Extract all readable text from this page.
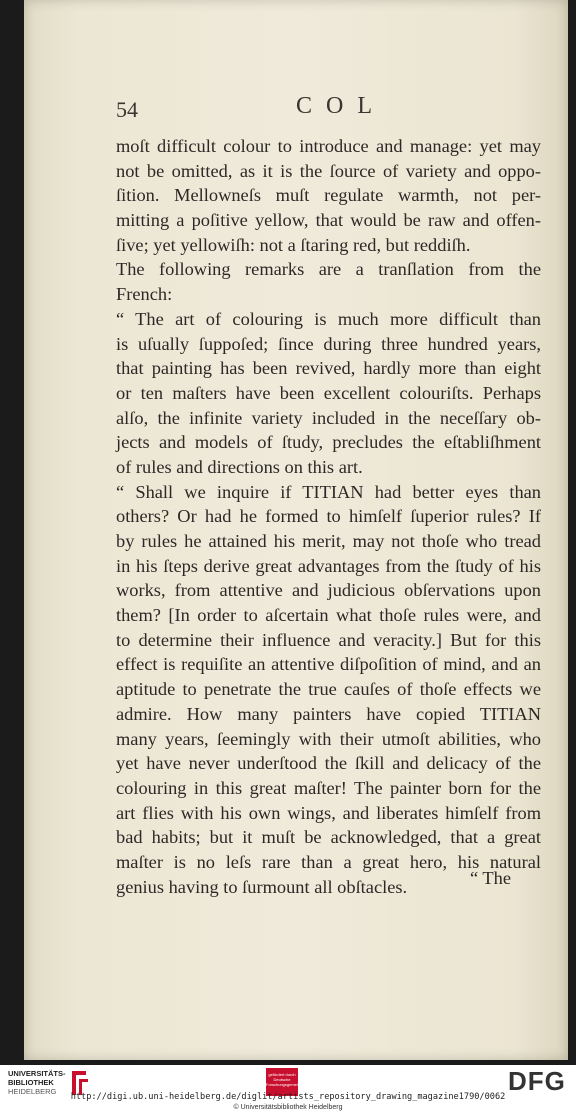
54	COL
moſt difficult colour to introduce and manage: yet may
not be omitted, as it is the ſource of variety and oppo-
ſition. Mellowneſs muſt regulate warmth, not per-
mitting a poſitive yellow, that would be raw and offen-
ſive; yet yellowiſh: not a ſtaring red, but reddiſh.
The following remarks are a tranſlation from the
French:
“ The art of colouring is much more difficult than
is uſually ſuppoſed; ſince during three hundred years,
that painting has been revived, hardly more than eight
or ten maſters have been excellent colouriſts. Perhaps
alſo, the infinite variety included in the neceſſary ob-
jects and models of ſtudy, precludes the eſtabliſhment
of rules and directions on this art.
“ Shall we inquire if TITIAN had better eyes than
others? Or had he formed to himſelf ſuperior rules? If
by rules he attained his merit, may not thoſe who tread
in his ſteps derive great advantages from the ſtudy of his
works, from attentive and judicious obſervations upon
them? [In order to aſcertain what thoſe rules were, and
to determine their influence and veracity.] But for this
effect is requiſite an attentive diſpoſition of mind, and an
aptitude to penetrate the true cauſes of thoſe effects we
admire. How many painters have copied TITIAN
many years, ſeemingly with their utmoſt abilities, who
yet have never underſtood the ſkill and delicacy of the
colouring in this great maſter! The painter born for the
art flies with his own wings, and liberates himſelf from
bad habits; but it muſt be acknowledged, that a great
maſter is no leſs rare than a great hero, his natural
genius having to ſurmount all obſtacles.	“ The
UNIVERSITÄTS-
BIBLIOTHEK
HEIDELBERG
gefördert durch Deutsche Forschungsgemeinschaft	DFG
http://digi.ub.uni-heidelberg.de/diglit/artists_repository_drawing_magazine1790/0062
© Universitätsbibliothek Heidelberg
